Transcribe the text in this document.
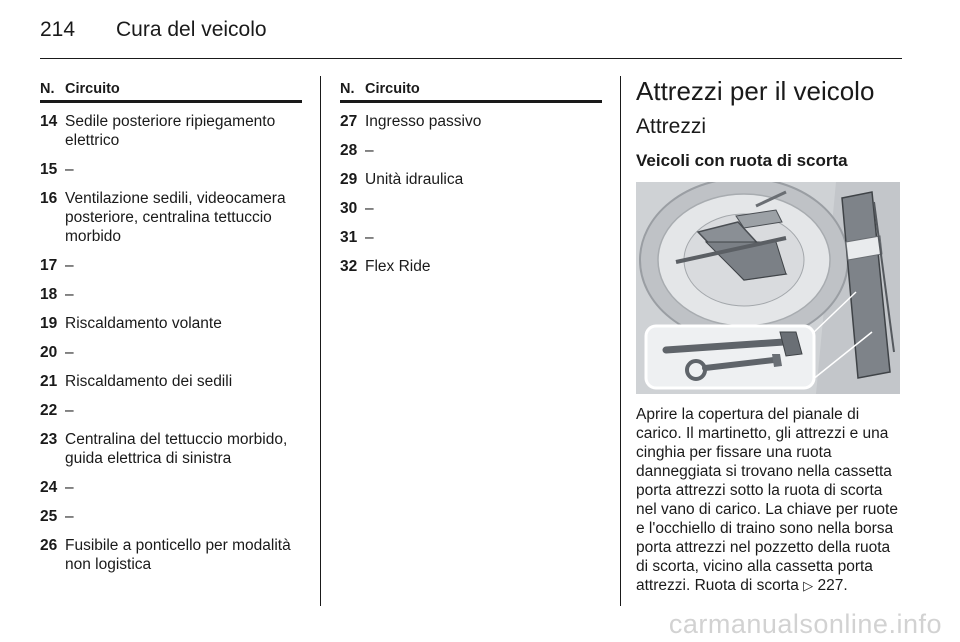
214 Cura del veicolo
N. Circuito
14 Sedile posteriore ripiegamento elettrico
15 –
16 Ventilazione sedili, videocamera posteriore, centralina tettuccio morbido
17 –
18 –
19 Riscaldamento volante
20 –
21 Riscaldamento dei sedili
22 –
23 Centralina del tettuccio morbido, guida elettrica di sinistra
24 –
25 –
26 Fusibile a ponticello per modalità non logistica
N. Circuito
27 Ingresso passivo
28 –
29 Unità idraulica
30 –
31 –
32 Flex Ride
Attrezzi per il veicolo
Attrezzi
Veicoli con ruota di scorta
Aprire la copertura del pianale di carico. Il martinetto, gli attrezzi e una cinghia per fissare una ruota danneggiata si trovano nella cassetta porta attrezzi sotto la ruota di scorta nel vano di carico. La chiave per ruote e l'occhiello di traino sono nella borsa porta attrezzi nel pozzetto della ruota di scorta, vicino alla cassetta porta attrezzi. Ruota di scorta ▷ 227.
carmanualsonline.info
